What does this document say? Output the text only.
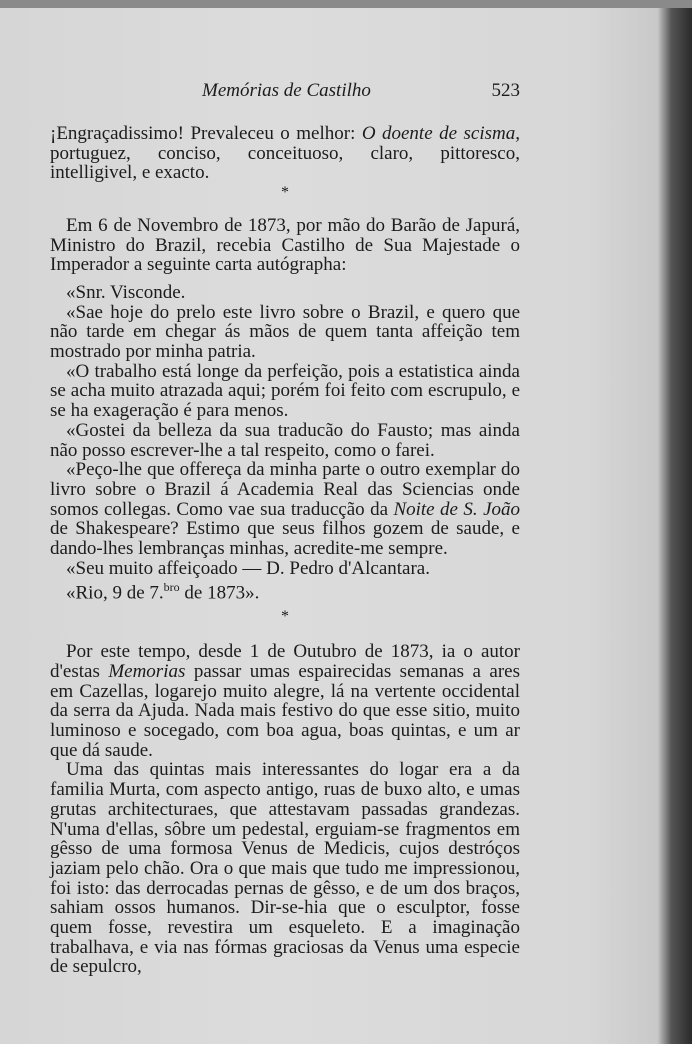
Memórias de Castilho	523

¡Engraçadissimo! Prevaleceu o melhor: O doente de scisma, portuguez, conciso, conceituoso, claro, pittoresco, intelligivel, e exacto.

*

Em 6 de Novembro de 1873, por mão do Barão de Japurá, Ministro do Brazil, recebia Castilho de Sua Majestade o Imperador a seguinte carta autógrapha:

«Snr. Visconde.

«Sae hoje do prelo este livro sobre o Brazil, e quero que não tarde em chegar ás mãos de quem tanta affeição tem mostrado por minha patria.

«O trabalho está longe da perfeição, pois a estatistica ainda se acha muito atrazada aqui; porém foi feito com escrupulo, e se ha exageração é para menos.

«Gostei da belleza da sua traducão do Fausto; mas ainda não posso escrever-lhe a tal respeito, como o farei.

«Peço-lhe que offereça da minha parte o outro exemplar do livro sobre o Brazil á Academia Real das Sciencias onde somos collegas. Como vae sua traducção da Noite de S. João de Shakespeare? Estimo que seus filhos gozem de saude, e dando-lhes lembranças minhas, acredite-me sempre.

«Seu muito affeiçoado — D. Pedro d'Alcantara.

«Rio, 9 de 7.$^{bro}$ de 1873».

*

Por este tempo, desde 1 de Outubro de 1873, ia o autor d'estas Memorias passar umas espairecidas semanas a ares em Cazellas, logarejo muito alegre, lá na vertente occidental da serra da Ajuda. Nada mais festivo do que esse sitio, muito luminoso e socegado, com boa agua, boas quintas, e um ar que dá saude.

Uma das quintas mais interessantes do logar era a da familia Murta, com aspecto antigo, ruas de buxo alto, e umas grutas architecturaes, que attestavam passadas grandezas. N'uma d'ellas, sôbre um pedestal, erguiam-se fragmentos em gêsso de uma formosa Venus de Medicis, cujos destróços jaziam pelo chão. Ora o que mais que tudo me impressionou, foi isto: das derrocadas pernas de gêsso, e de um dos braços, sahiam ossos humanos. Dir-se-hia que o esculptor, fosse quem fosse, revestira um esqueleto. E a imaginação trabalhava, e via nas fórmas graciosas da Venus uma especie de sepulcro,
